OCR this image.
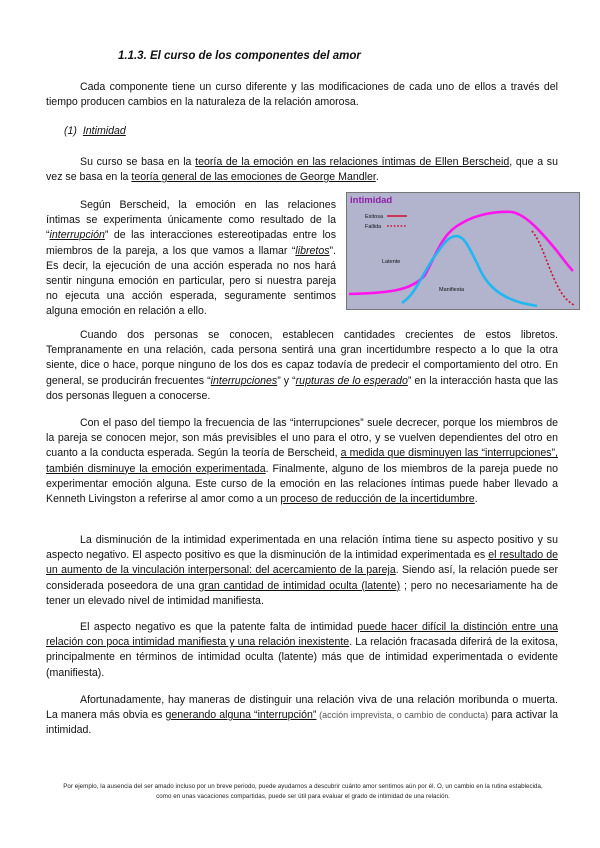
1.1.3. El curso de los componentes del amor

Cada componente tiene un curso diferente y las modificaciones de cada uno de ellos a través del tiempo producen cambios en la naturaleza de la relación amorosa.

(1) Intimidad

Su curso se basa en la teoría de la emoción en las relaciones íntimas de Ellen Berscheid, que a su vez se basa en la teoría general de las emociones de George Mandler.

Según Berscheid, la emoción en las relaciones íntimas se experimenta únicamente como resultado de la “interrupción” de las interacciones estereotipadas entre los miembros de la pareja, a los que vamos a llamar “libretos”. Es decir, la ejecución de una acción esperada no nos hará sentir ninguna emoción en particular, pero si nuestra pareja no ejecuta una acción esperada, seguramente sentimos alguna emoción en relación a ello.

intimidad
Exitosa
Fallida
Latente
Manifiesta

Cuando dos personas se conocen, establecen cantidades crecientes de estos libretos. Tempranamente en una relación, cada persona sentirá una gran incertidumbre respecto a lo que la otra siente, dice o hace, porque ninguno de los dos es capaz todavía de predecir el comportamiento del otro. En general, se producirán frecuentes “interrupciones” y “rupturas de lo esperado” en la interacción hasta que las dos personas lleguen a conocerse.

Con el paso del tiempo la frecuencia de las “interrupciones” suele decrecer, porque los miembros de la pareja se conocen mejor, son más previsibles el uno para el otro, y se vuelven dependientes del otro en cuanto a la conducta esperada. Según la teoría de Berscheid, a medida que disminuyen las “interrupciones”, también disminuye la emoción experimentada. Finalmente, alguno de los miembros de la pareja puede no experimentar emoción alguna. Este curso de la emoción en las relaciones íntimas puede haber llevado a Kenneth Livingston a referirse al amor como a un proceso de reducción de la incertidumbre.

La disminución de la intimidad experimentada en una relación íntima tiene su aspecto positivo y su aspecto negativo. El aspecto positivo es que la disminución de la intimidad experimentada es el resultado de un aumento de la vinculación interpersonal: del acercamiento de la pareja. Siendo así, la relación puede ser considerada poseedora de una gran cantidad de intimidad oculta (latente) ; pero no necesariamente ha de tener un elevado nivel de intimidad manifiesta.

El aspecto negativo es que la patente falta de intimidad puede hacer difícil la distinción entre una relación con poca intimidad manifiesta y una relación inexistente. La relación fracasada diferirá de la exitosa, principalmente en términos de intimidad oculta (latente) más que de intimidad experimentada o evidente (manifiesta).

Afortunadamente, hay maneras de distinguir una relación viva de una relación moribunda o muerta. La manera más obvia es generando alguna “interrupción” (acción imprevista, o cambio de conducta) para activar la intimidad.

Por ejemplo, la ausencia del ser amado incluso por un breve periodo, puede ayudarnos a descubrir cuánto amor sentimos aún por él. O, un cambio en la rutina establecida, como en unas vacaciones compartidas, puede ser útil para evaluar el grado de intimidad de una relación.
